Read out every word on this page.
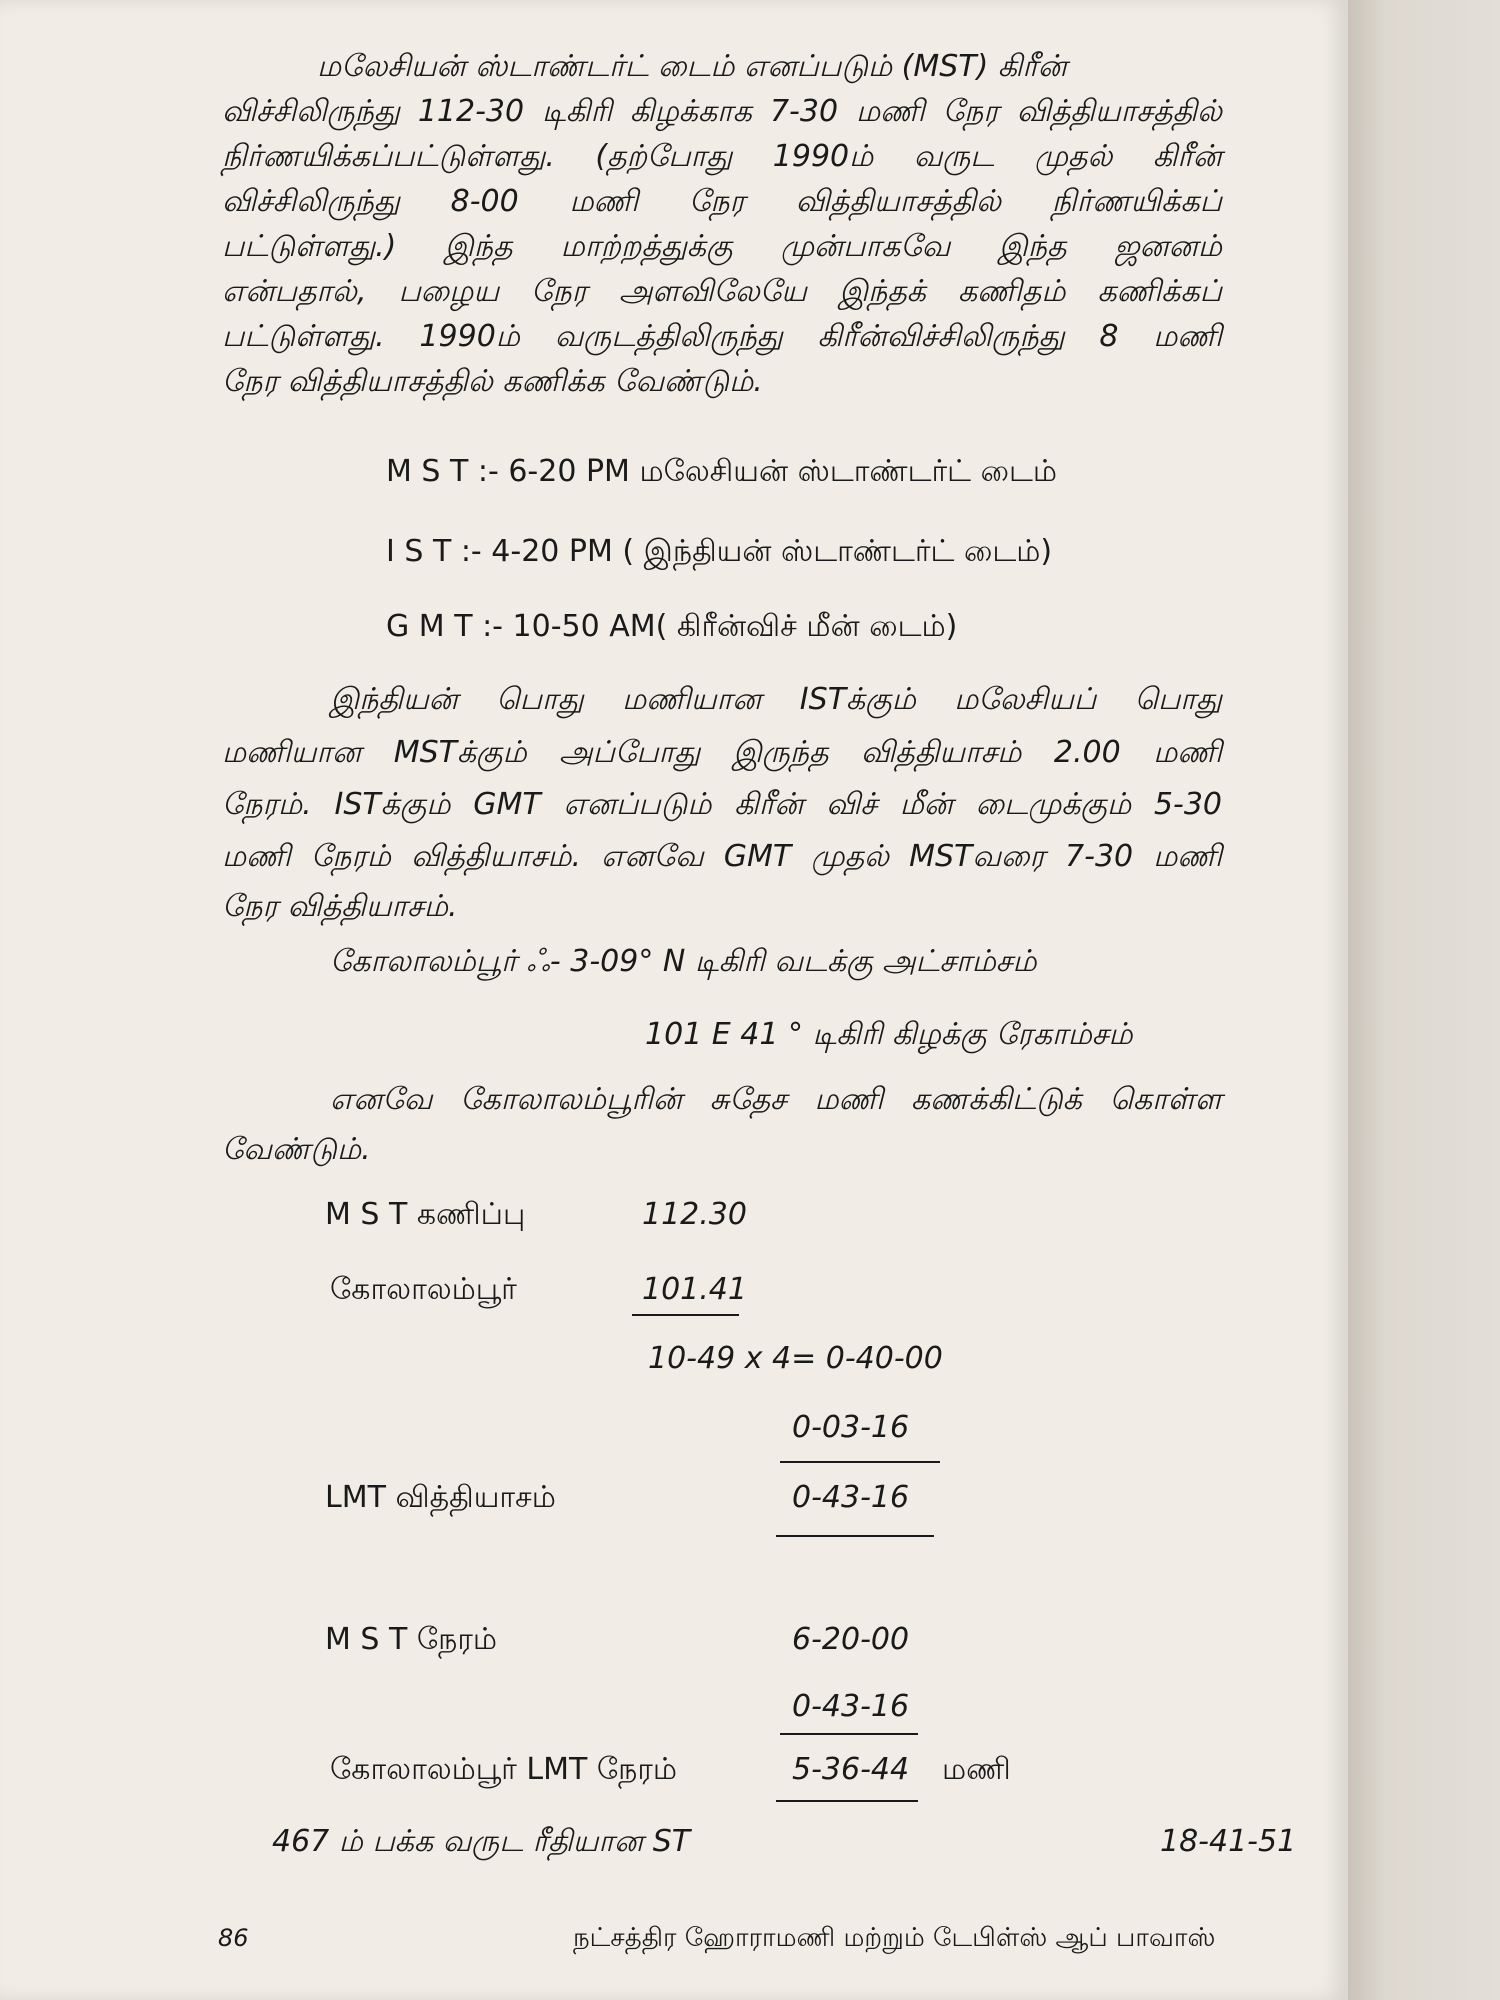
மலேசியன் ஸ்டாண்டர்ட் டைம் எனப்படும் (MST) கிரீன்
விச்சிலிருந்து 112-30 டிகிரி கிழக்காக 7-30 மணி நேர வித்தியாசத்தில்
நிர்ணயிக்கப்பட்டுள்ளது. (தற்போது 1990ம் வருட முதல் கிரீன்
விச்சிலிருந்து 8-00 மணி நேர வித்தியாசத்தில் நிர்ணயிக்கப்
பட்டுள்ளது.) இந்த மாற்றத்துக்கு முன்பாகவே இந்த ஜனனம்
என்பதால், பழைய நேர அளவிலேயே இந்தக் கணிதம் கணிக்கப்
பட்டுள்ளது. 1990ம் வருடத்திலிருந்து கிரீன்விச்சிலிருந்து 8 மணி
நேர வித்தியாசத்தில் கணிக்க வேண்டும்.
M S T :- 6-20 PM மலேசியன் ஸ்டாண்டர்ட் டைம்
I S T :- 4-20 PM ( இந்தியன் ஸ்டாண்டர்ட் டைம்)
G M T :- 10-50 AM( கிரீன்விச் மீன் டைம்)
இந்தியன் பொது மணியான ISTக்கும் மலேசியப் பொது
மணியான MSTக்கும் அப்போது இருந்த வித்தியாசம் 2.00 மணி
நேரம். ISTக்கும் GMT எனப்படும் கிரீன் விச் மீன் டைமுக்கும் 5-30
மணி நேரம் வித்தியாசம். எனவே GMT முதல் MSTவரை 7-30 மணி
நேர வித்தியாசம்.
கோலாலம்பூர் ஃ- 3-09° N டிகிரி வடக்கு அட்சாம்சம்
101 E 41 ° டிகிரி கிழக்கு ரேகாம்சம்
எனவே கோலாலம்பூரின் சுதேச மணி கணக்கிட்டுக் கொள்ள
வேண்டும்.
M S T கணிப்பு	112.30
கோலாலம்பூர்	101.41
10-49 x 4= 0-40-00
0-03-16
LMT வித்தியாசம்	0-43-16
M S T நேரம்	6-20-00
0-43-16
கோலாலம்பூர் LMT நேரம்	5-36-44 மணி
467 ம் பக்க வருட ரீதியான ST	18-41-51
86	நட்சத்திர ஹோராமணி மற்றும் டேபிள்ஸ் ஆப் பாவாஸ்
